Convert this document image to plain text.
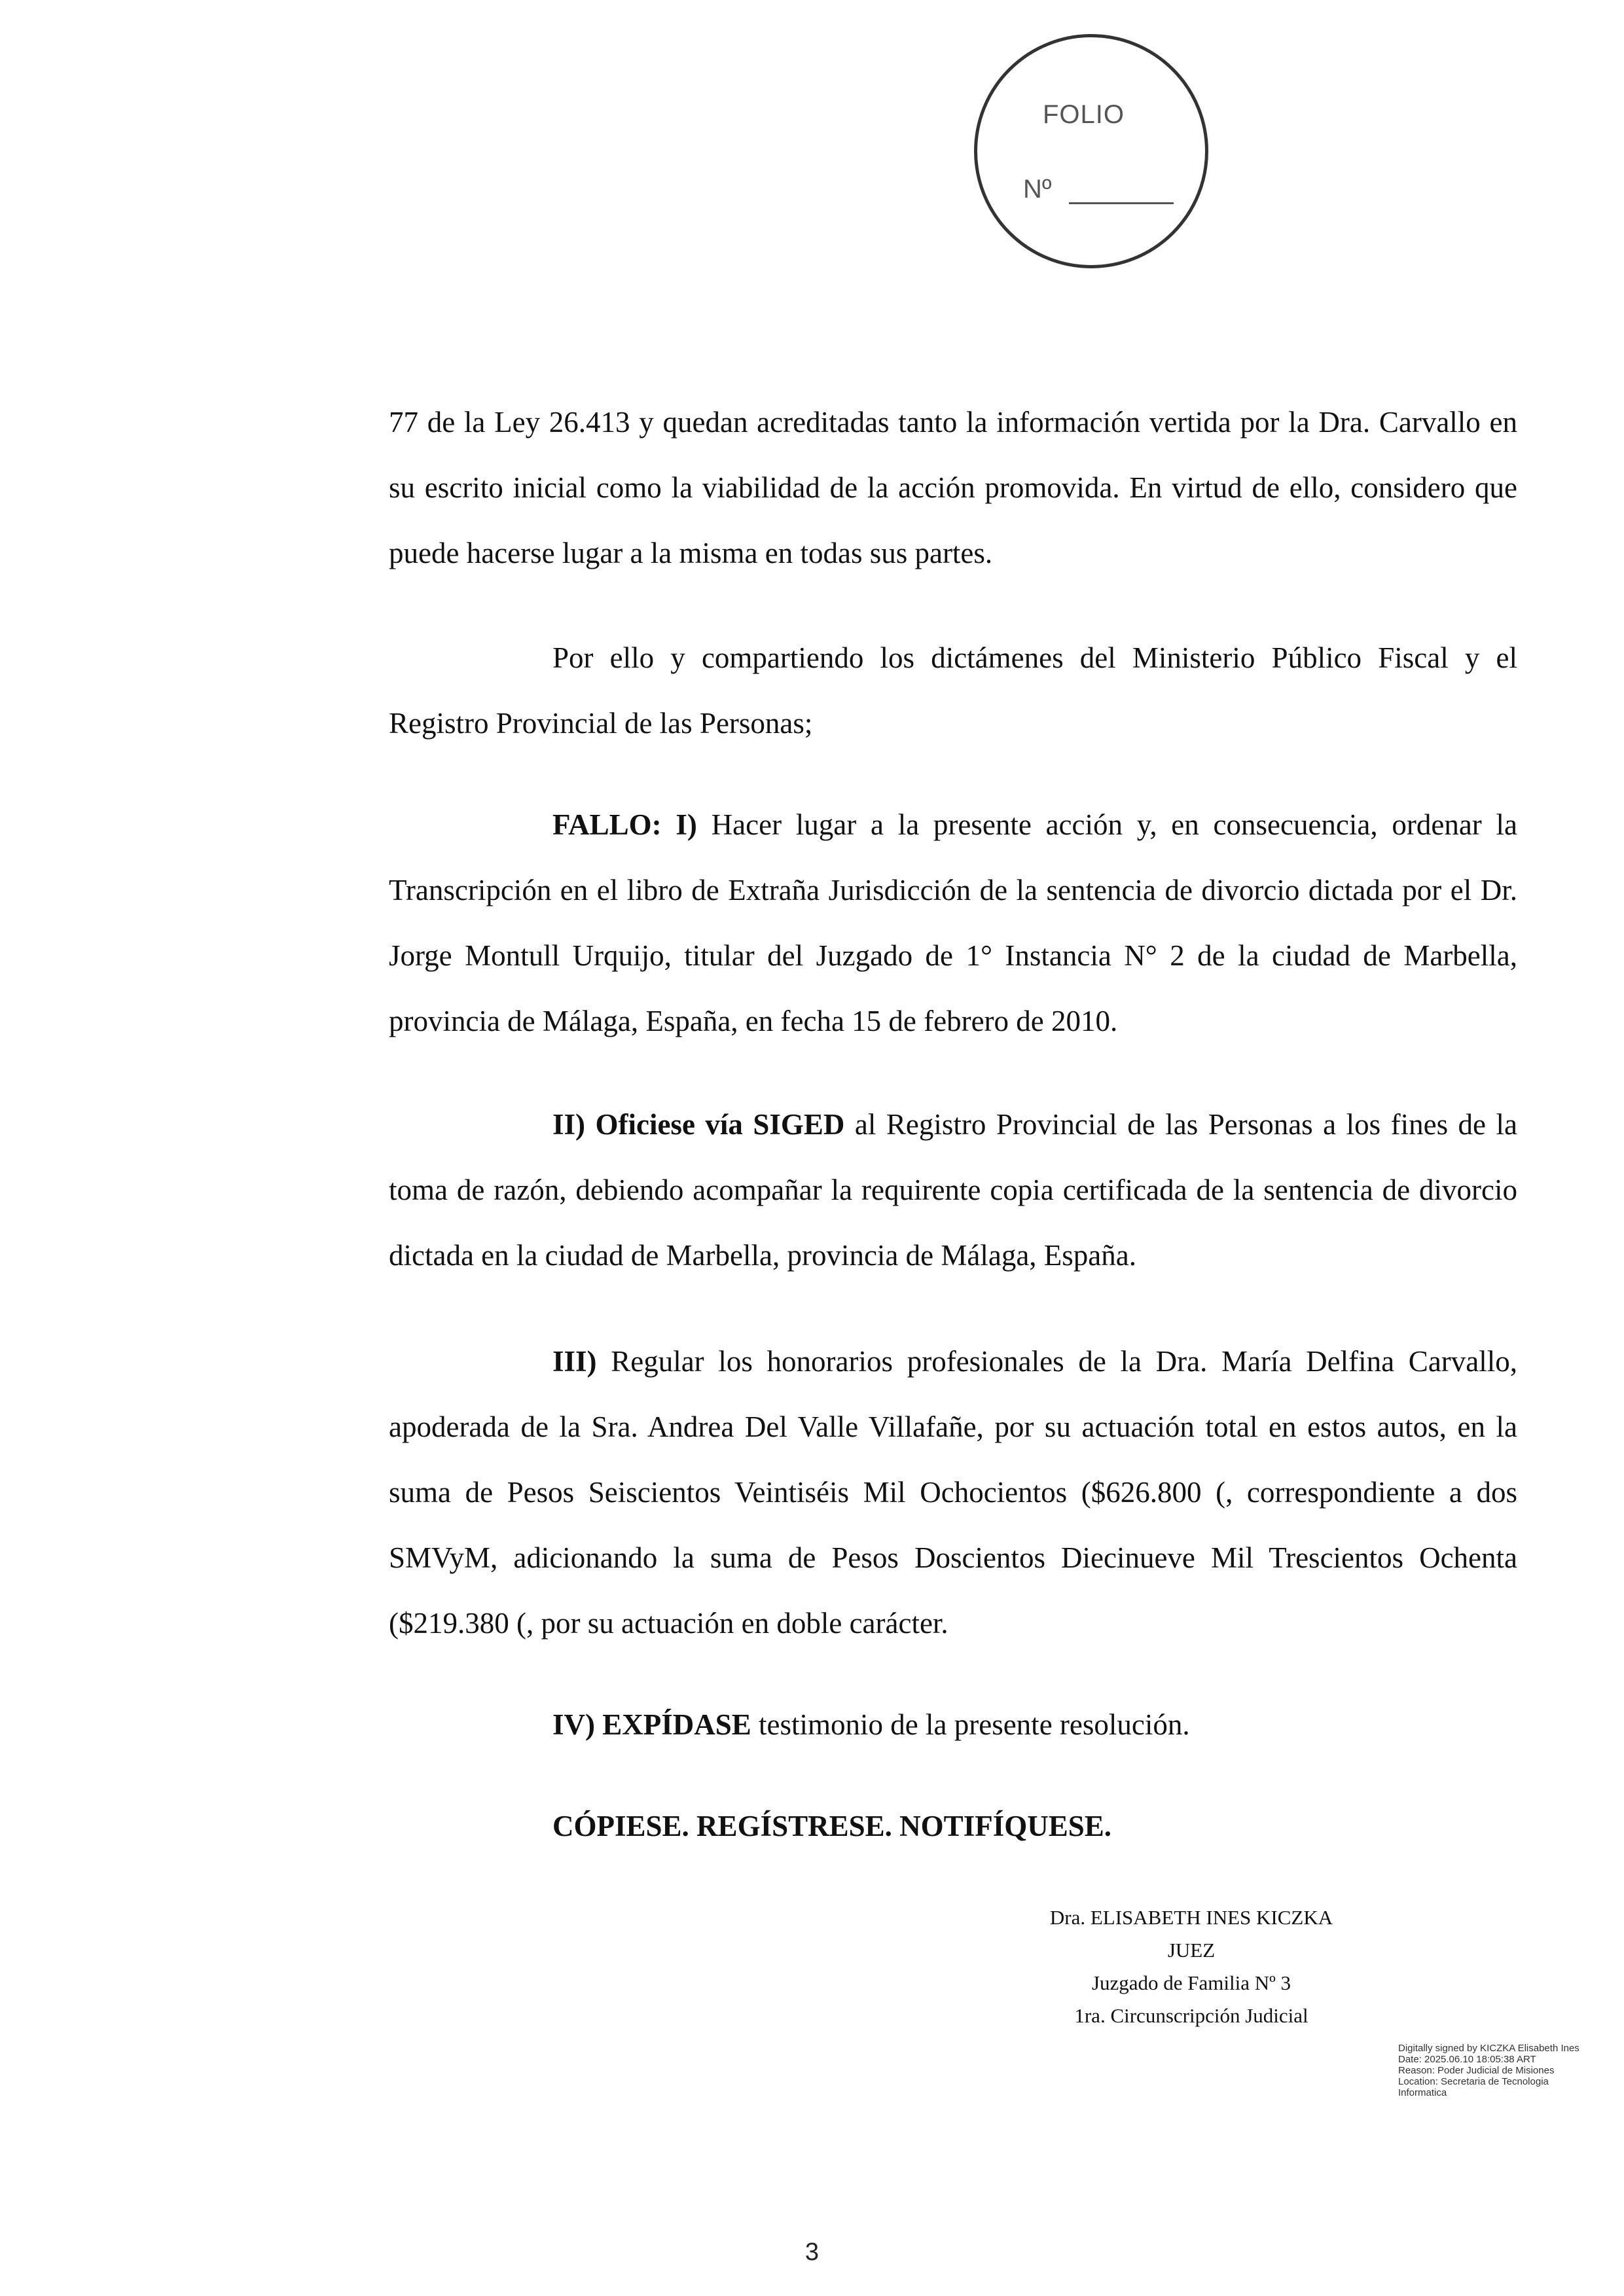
FOLIO
Nº

77 de la Ley 26.413 y quedan acreditadas tanto la información vertida por la Dra. Carvallo en su escrito inicial como la viabilidad de la acción promovida. En virtud de ello, considero que puede hacerse lugar a la misma en todas sus partes.

Por ello y compartiendo los dictámenes del Ministerio Público Fiscal y el Registro Provincial de las Personas;

FALLO: I) Hacer lugar a la presente acción y, en consecuencia, ordenar la Transcripción en el libro de Extraña Jurisdicción de la sentencia de divorcio dictada por el Dr. Jorge Montull Urquijo, titular del Juzgado de 1° Instancia N° 2 de la ciudad de Marbella, provincia de Málaga, España, en fecha 15 de febrero de 2010.

II) Oficiese vía SIGED al Registro Provincial de las Personas a los fines de la toma de razón, debiendo acompañar la requirente copia certificada de la sentencia de divorcio dictada en la ciudad de Marbella, provincia de Málaga, España.

III) Regular los honorarios profesionales de la Dra. María Delfina Carvallo, apoderada de la Sra. Andrea Del Valle Villafañe, por su actuación total en estos autos, en la suma de Pesos Seiscientos Veintiséis Mil Ochocientos ($626.800 (, correspondiente a dos SMVyM, adicionando la suma de Pesos Doscientos Diecinueve Mil Trescientos Ochenta ($219.380 (, por su actuación en doble carácter.

IV) EXPÍDASE testimonio de la presente resolución.

CÓPIESE. REGÍSTRESE. NOTIFÍQUESE.

Dra. ELISABETH INES KICZKA
JUEZ
Juzgado de Familia Nº 3
1ra. Circunscripción Judicial
Digitally signed by KICZKA Elisabeth Ines
Date: 2025.06.10 18:05:38 ART
Reason: Poder Judicial de Misiones
Location: Secretaria de Tecnologia
Informatica
3
